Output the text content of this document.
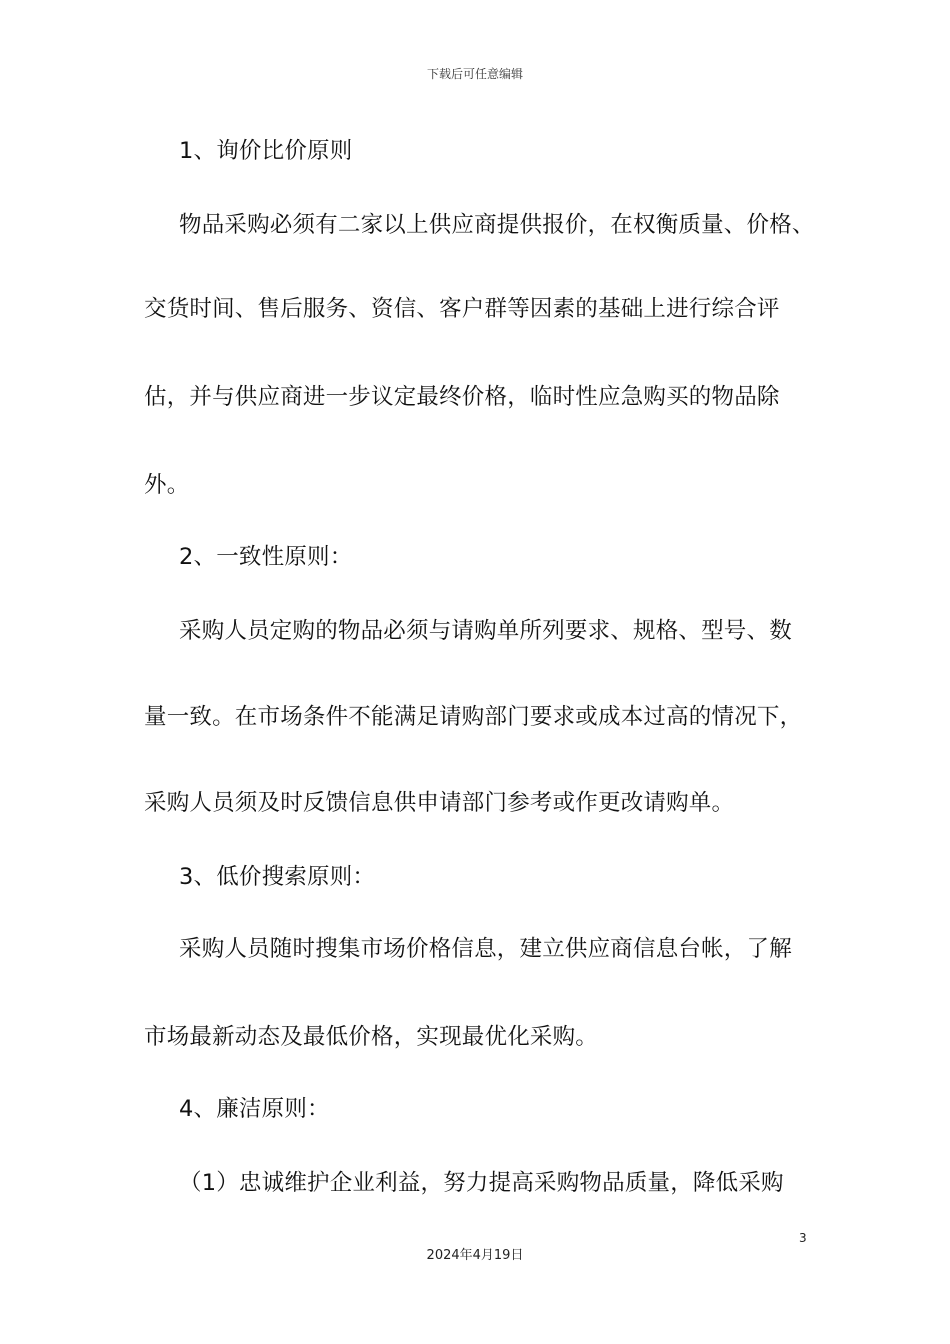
下载后可任意编辑
1、询价比价原则
物品采购必须有二家以上供应商提供报价，在权衡质量、价格、
交货时间、售后服务、资信、客户群等因素的基础上进行综合评
估，并与供应商进一步议定最终价格，临时性应急购买的物品除
外。
2、一致性原则：
采购人员定购的物品必须与请购单所列要求、规格、型号、数
量一致。在市场条件不能满足请购部门要求或成本过高的情况下，
采购人员须及时反馈信息供申请部门参考或作更改请购单。
3、低价搜索原则：
采购人员随时搜集市场价格信息，建立供应商信息台帐，了解
市场最新动态及最低价格，实现最优化采购。
4、廉洁原则：
（1）忠诚维护企业利益，努力提高采购物品质量，降低采购
3
2024年4月19日
